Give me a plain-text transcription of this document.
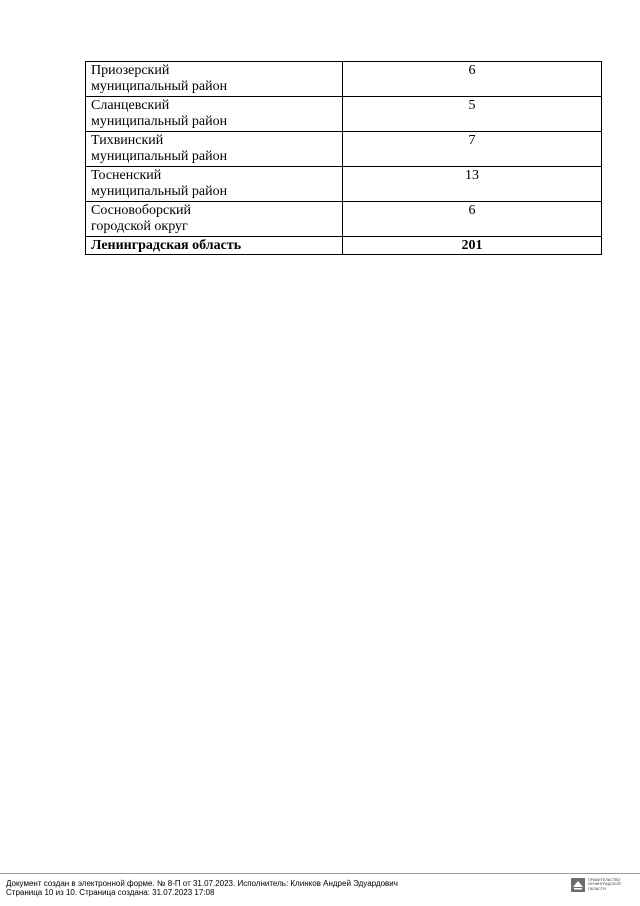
Приозерский
муниципальный район	6

Сланцевский
муниципальный район	5

Тихвинский
муниципальный район	7

Тосненский
муниципальный район	13

Сосновоборский
городской округ	6
Ленинградская область	201
Документ создан в электронной форме. № 8-П от 31.07.2023. Исполнитель: Клинков Андрей Эдуардович
Страница 10 из 10. Страница создана: 31.07.2023 17:08
ПРАВИТЕЛЬСТВО
ЛЕНИНГРАДСКОЙ
ОБЛАСТИ
